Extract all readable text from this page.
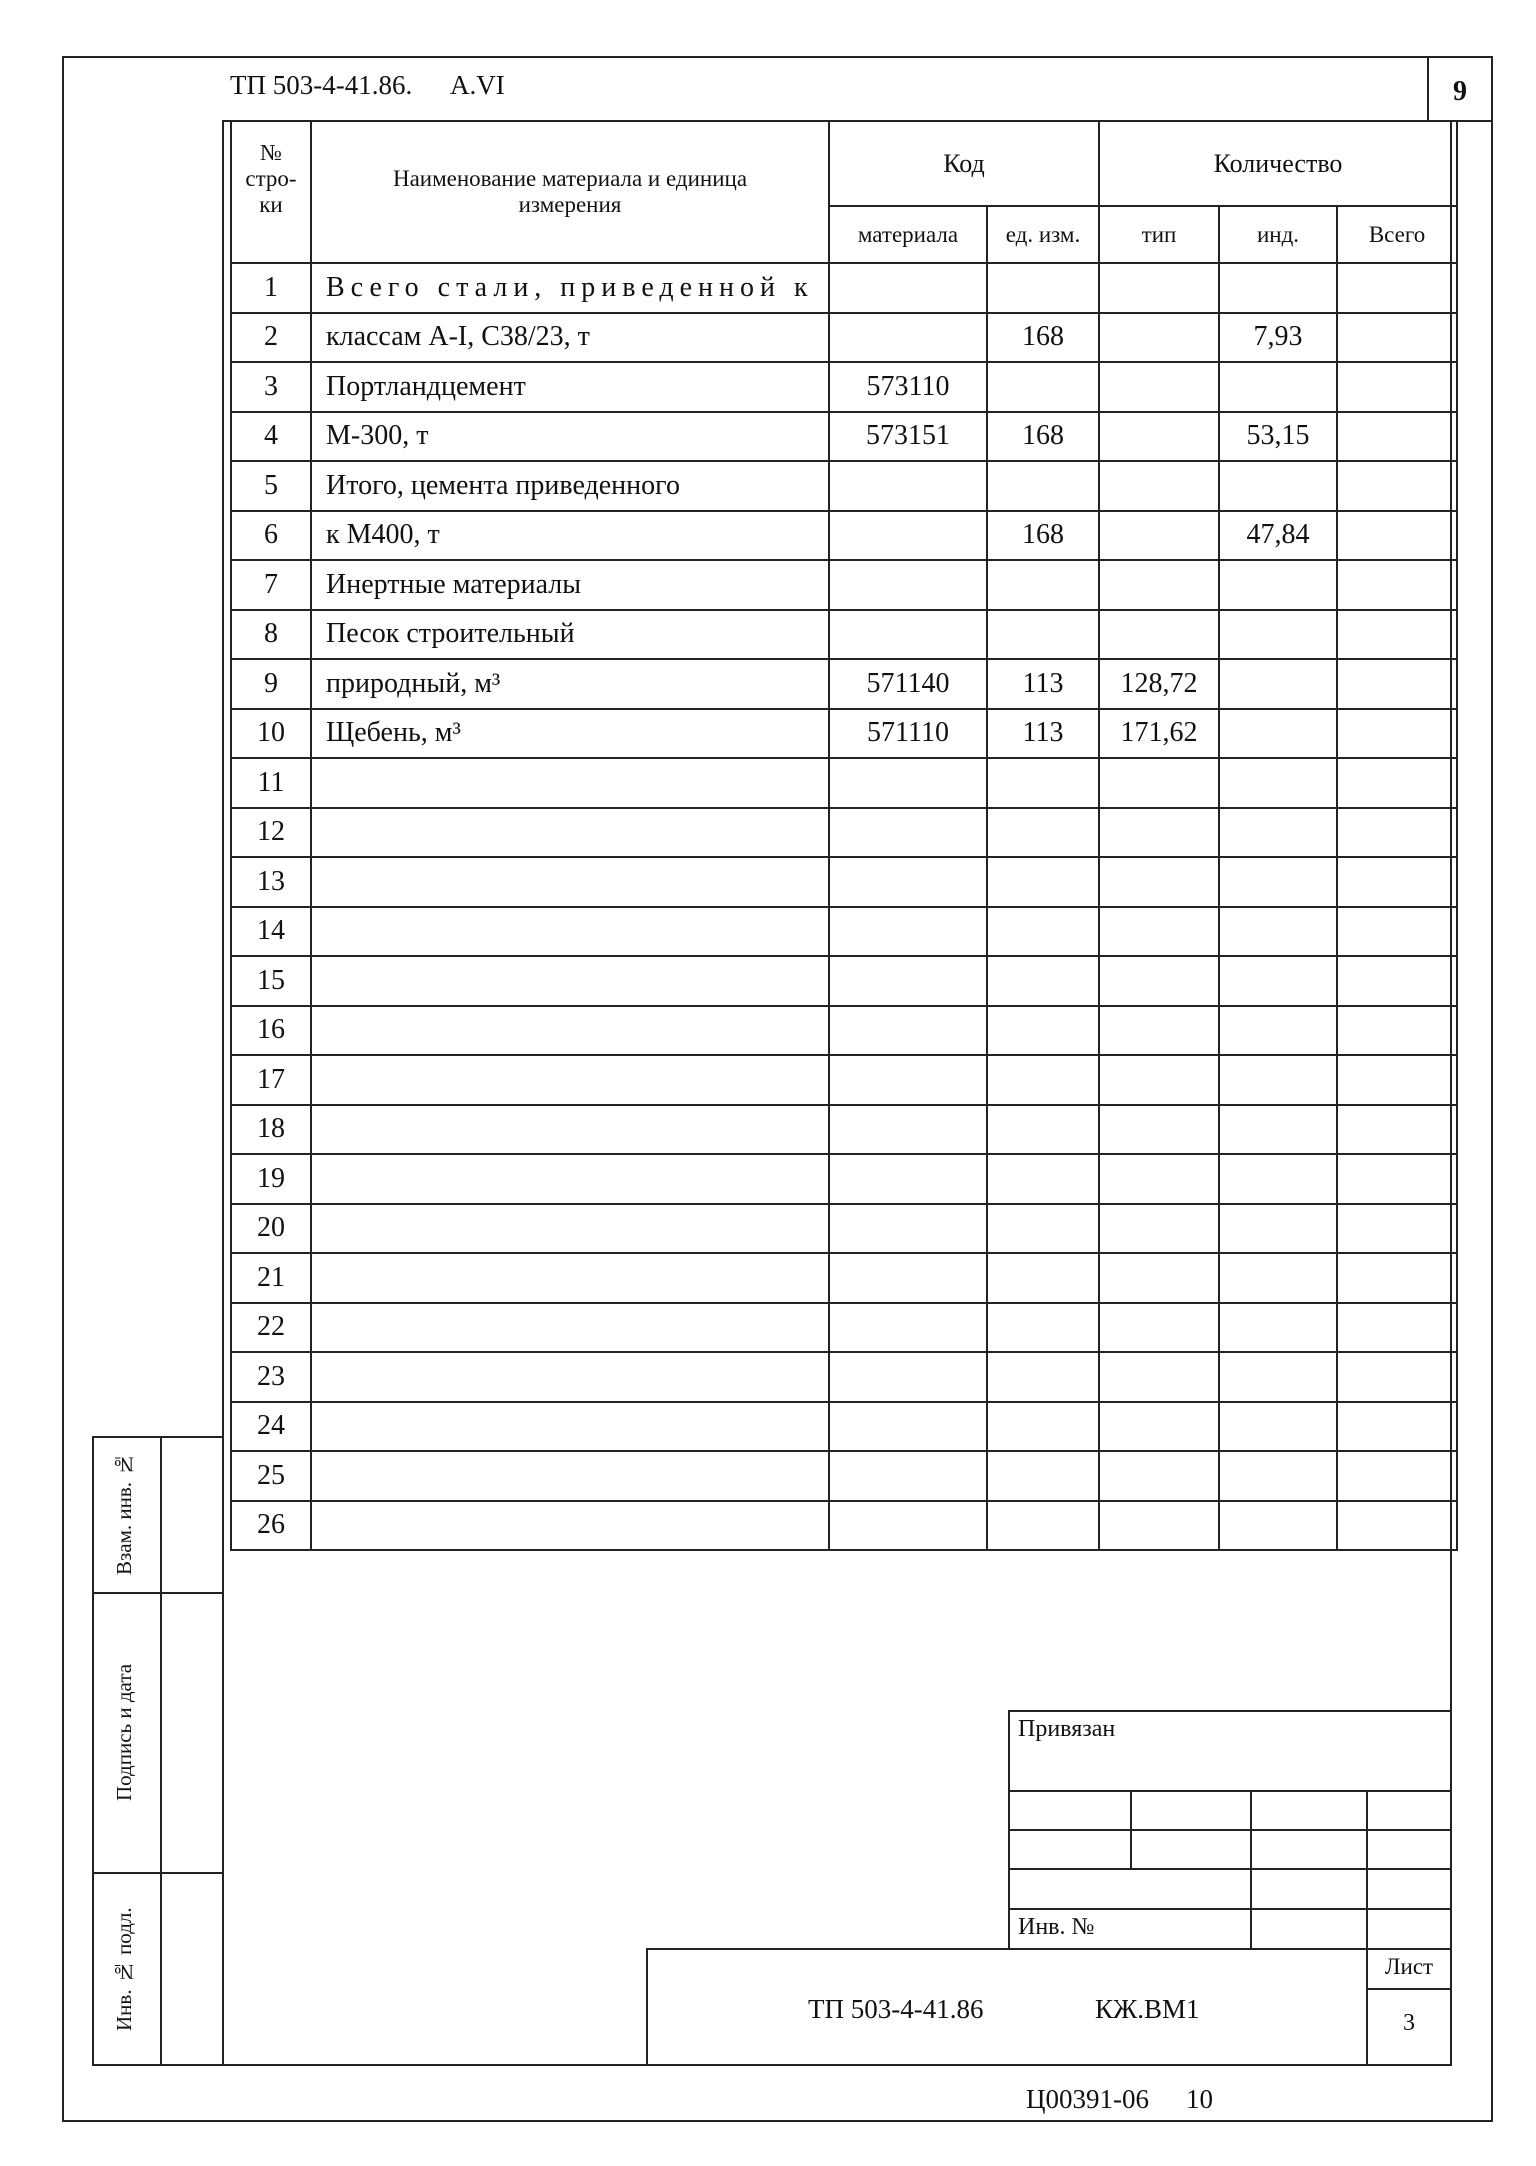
ТП 503-4-41.86. А.VI	9
№ стро-ки	Наименование материала и единица измерения	Код		Количество		
		материала	ед. изм.	тип	инд.	Всего
1	Всего стали, приведенной к					
2	классам А-I, С38/23, т		168		7,93	
3	Портландцемент	573110				
4	М-300, т	573151	168		53,15	
5	Итого, цемента приведенного					
6	к М400, т		168		47,84	
7	Инертные материалы					
8	Песок строительный					
9	природный, м³	571140	113	128,72		
10	Щебень, м³	571110	113	171,62		
11						
12						
13						
14						
15						
16						
17						
18						
19						
20						
21						
22						
23						
24						
25						
26						
Взам. инв. №
Подпись и дата
Инв. № подл.
Привязан
Инв. №
ТП 503-4-41.86	КЖ.ВМ1
Лист
3
Ц00391-06 10
